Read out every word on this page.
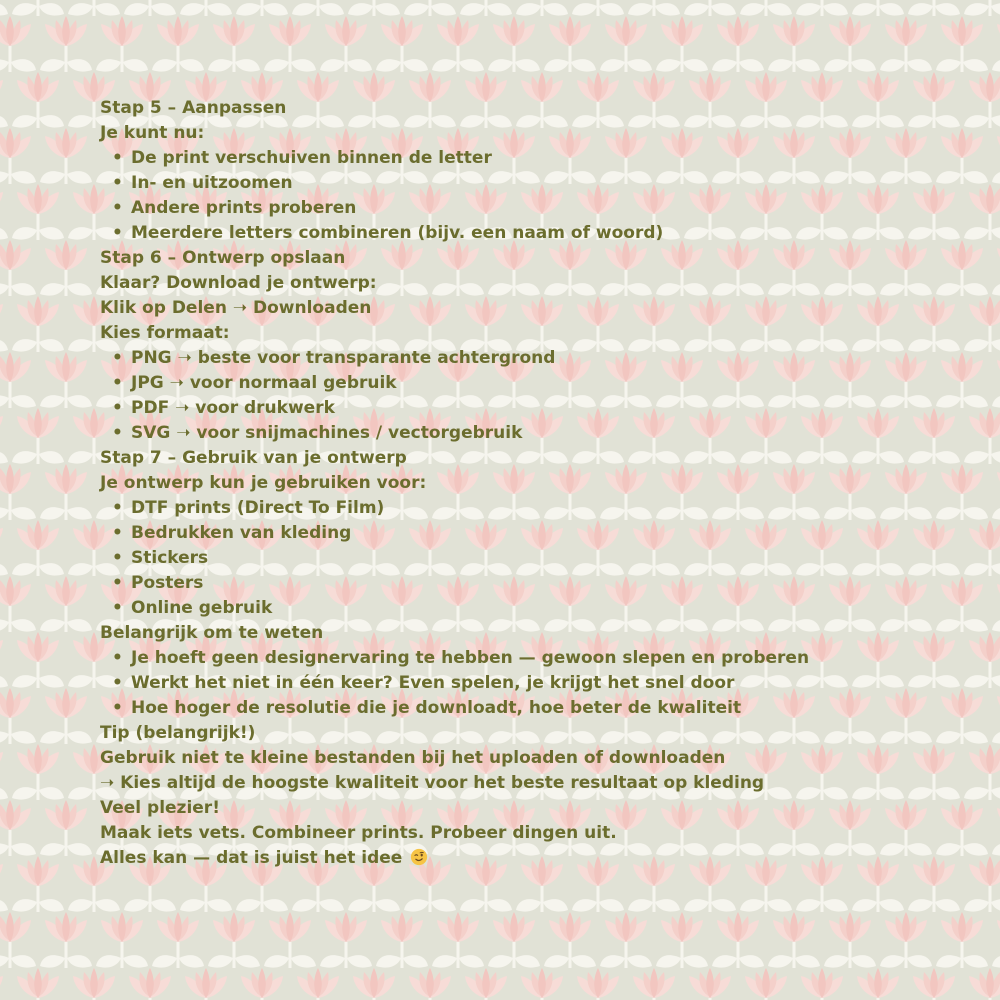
Stap 5 – Aanpassen
Je kunt nu:
• De print verschuiven binnen de letter
• In- en uitzoomen
• Andere prints proberen
• Meerdere letters combineren (bijv. een naam of woord)
Stap 6 – Ontwerp opslaan
Klaar? Download je ontwerp:
Klik op Delen ➝ Downloaden
Kies formaat:
• PNG ➝ beste voor transparante achtergrond
• JPG ➝ voor normaal gebruik
• PDF ➝ voor drukwerk
• SVG ➝ voor snijmachines / vectorgebruik
Stap 7 – Gebruik van je ontwerp
Je ontwerp kun je gebruiken voor:
• DTF prints (Direct To Film)
• Bedrukken van kleding
• Stickers
• Posters
• Online gebruik
Belangrijk om te weten
• Je hoeft geen designervaring te hebben — gewoon slepen en proberen
• Werkt het niet in één keer? Even spelen, je krijgt het snel door
• Hoe hoger de resolutie die je downloadt, hoe beter de kwaliteit
Tip (belangrijk!)
Gebruik niet te kleine bestanden bij het uploaden of downloaden
➝ Kies altijd de hoogste kwaliteit voor het beste resultaat op kleding
Veel plezier!
Maak iets vets. Combineer prints. Probeer dingen uit.
Alles kan — dat is juist het idee
